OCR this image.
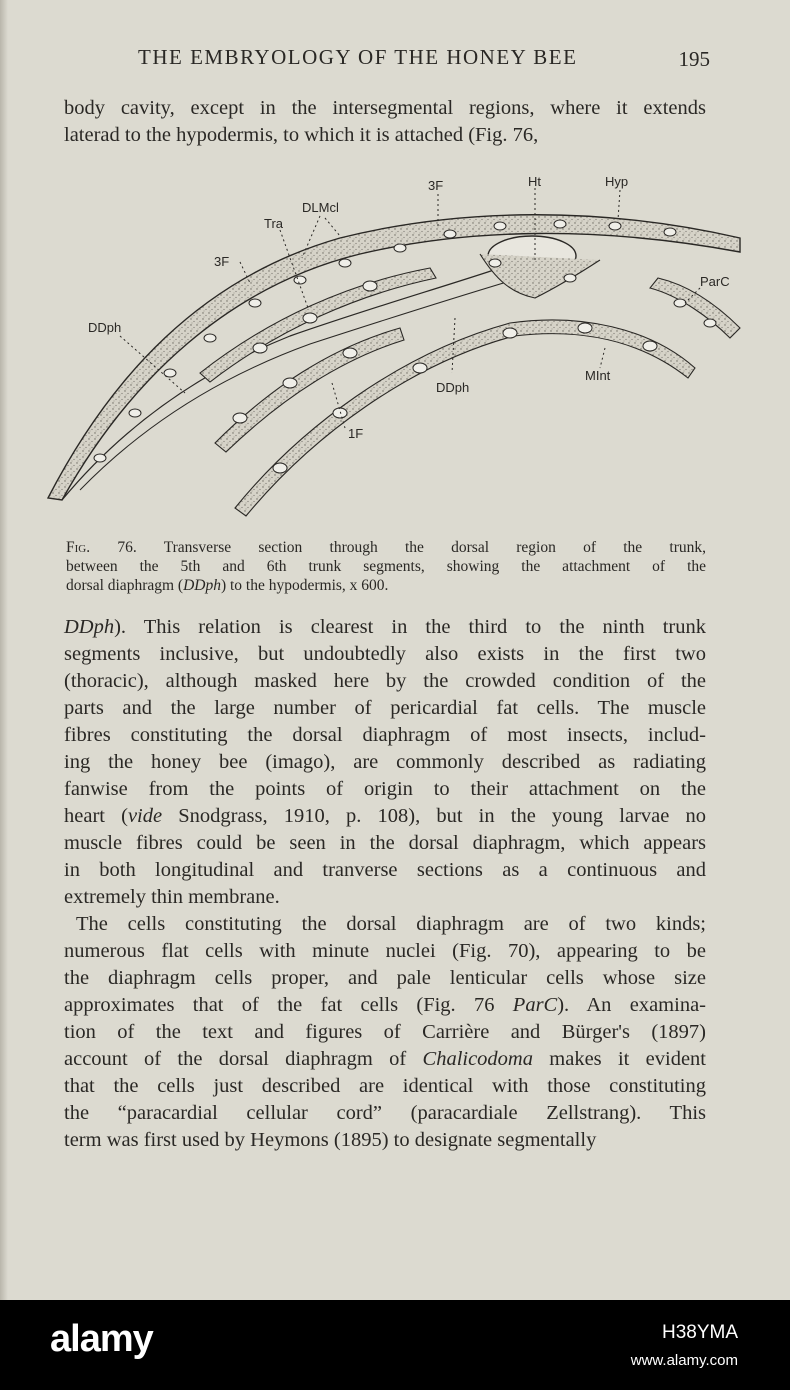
THE EMBRYOLOGY OF THE HONEY BEE	195

body cavity, except in the intersegmental regions, where it extends
laterad to the hypodermis, to which it is attached (Fig. 76,

3F	Ht	Hyp
DLMcl
Tra
3F
ParC
DDph
DDph
MInt
1F

Fig. 76. Transverse section through the dorsal region of the trunk,
between the 5th and 6th trunk segments, showing the attachment of the
dorsal diaphragm (DDph) to the hypodermis, x 600.

DDph). This relation is clearest in the third to the ninth trunk
segments inclusive, but undoubtedly also exists in the first two
(thoracic), although masked here by the crowded condition of the
parts and the large number of pericardial fat cells. The muscle
fibres constituting the dorsal diaphragm of most insects, includ-
ing the honey bee (imago), are commonly described as radiating
fanwise from the points of origin to their attachment on the
heart (vide Snodgrass, 1910, p. 108), but in the young larvae no
muscle fibres could be seen in the dorsal diaphragm, which appears
in both longitudinal and tranverse sections as a continuous and
extremely thin membrane.
The cells constituting the dorsal diaphragm are of two kinds;
numerous flat cells with minute nuclei (Fig. 70), appearing to be
the diaphragm cells proper, and pale lenticular cells whose size
approximates that of the fat cells (Fig. 76 ParC). An examina-
tion of the text and figures of Carrière and Bürger's (1897)
account of the dorsal diaphragm of Chalicodoma makes it evident
that the cells just described are identical with those constituting
the “paracardial cellular cord” (paracardiale Zellstrang). This
term was first used by Heymons (1895) to designate segmentally

alamy	H38YMA
www.alamy.com
